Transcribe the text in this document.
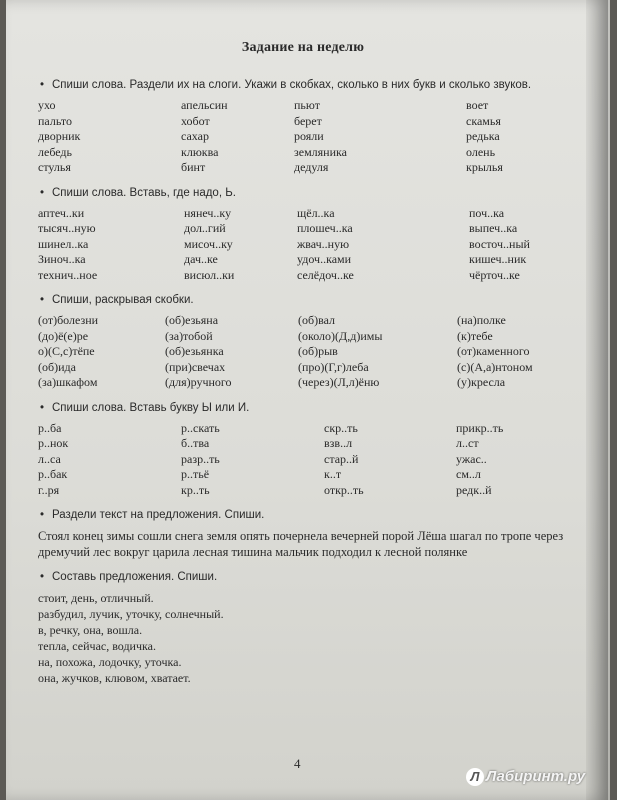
Задание на неделю
• Спиши слова. Раздели их на слоги. Укажи в скобках, сколько в них букв и сколько звуков.
ухо
пальто
дворник
лебедь
стулья
апельсин
хобот
сахар
клюква
бинт
пьют
берет
рояли
земляника
дедуля
воет
скамья
редька
олень
крылья
• Спиши слова. Вставь, где надо, Ь.
аптеч..ки
тысяч..ную
шинел..ка
Зиноч..ка
технич..ное
нянеч..ку
дол..гий
мисоч..ку
дач..ке
висюл..ки
щёл..ка
плошеч..ка
жвач..ную
удоч..ками
селёдоч..ке
поч..ка
выпеч..ка
восточ..ный
кишеч..ник
чёрточ..ке
• Спиши, раскрывая скобки.
(от)болезни
(до)ё(е)ре
о)(С,с)тёпе
(об)ида
(за)шкафом
(об)езьяна
(за)тобой
(об)езьянка
(при)свечах
(для)ручного
(об)вал
(около)(Д,д)имы
(об)рыв
(про)(Г,г)леба
(через)(Л,л)ёню
(на)полке
(к)тебе
(от)каменного
(с)(А,а)нтоном
(у)кресла
• Спиши слова. Вставь букву Ы или И.
р..ба
р..нок
л..са
р..бак
г..ря
р..скать
б..тва
разр..ть
р..тьё
кр..ть
скр..ть
взв..л
стар..й
к..т
откр..ть
прикр..ть
л..ст
ужас..
см..л
редк..й
• Раздели текст на предложения. Спиши.

Стоял конец зимы сошли снега земля опять почернела вечерней порой Лёша шагал по тропе через дремучий лес вокруг царила лесная тишина мальчик подходил к лесной полянке

• Составь предложения. Спиши.
стоит, день, отличный.
разбудил, лучик, уточку, солнечный.
в, речку, она, вошла.
тепла, сейчас, водичка.
на, похожа, лодочку, уточка.
она, жучков, клювом, хватает.
4
Л Лабиринт.ру
